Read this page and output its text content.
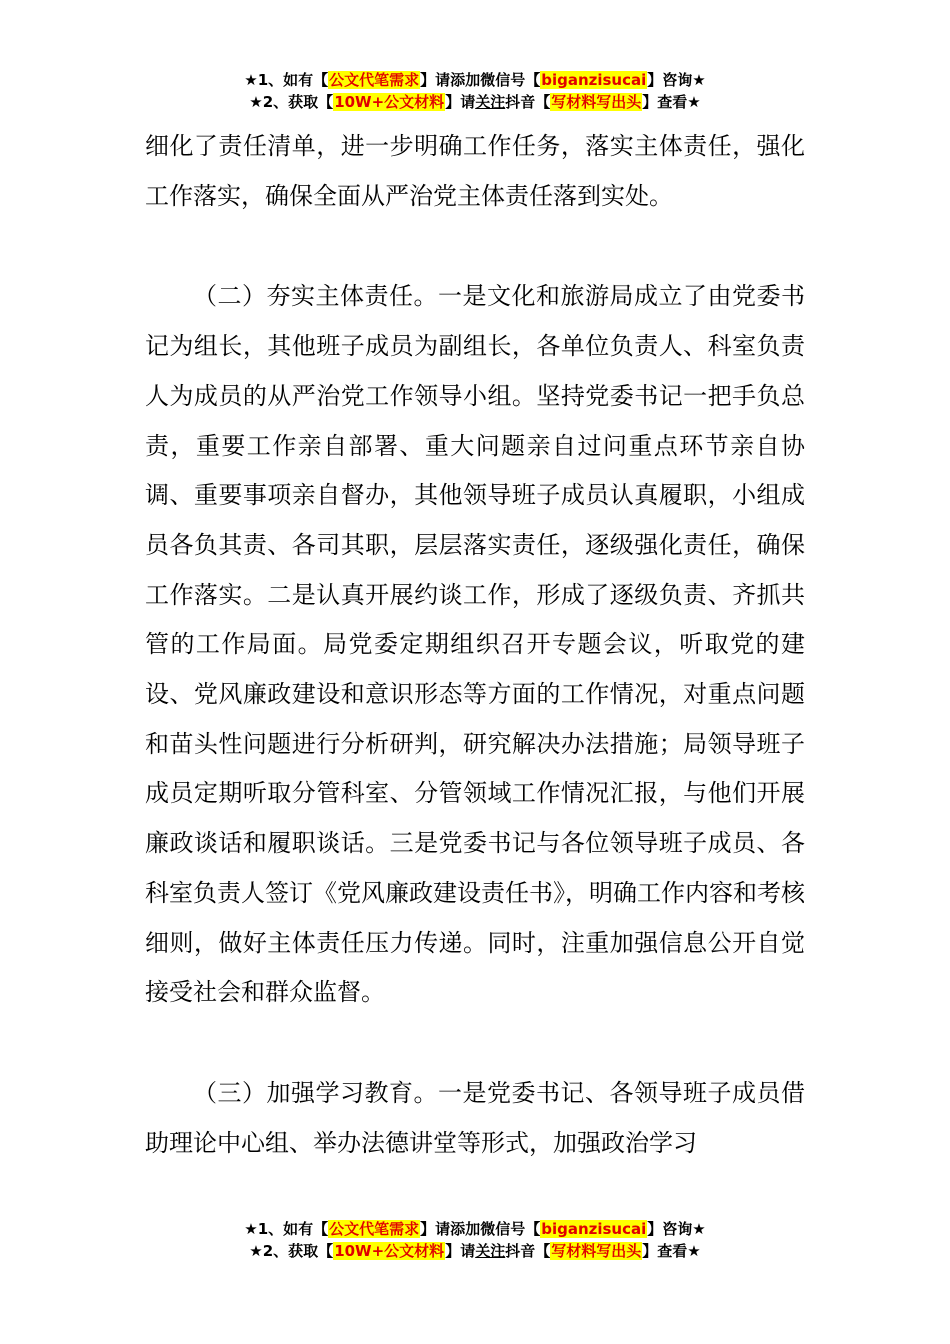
★1、如有【公文代笔需求】请添加微信号【biganzisucai】咨询★
★2、获取【10W+公文材料】请关注抖音【写材料写出头】查看★

细化了责任清单，进一步明确工作任务，落实主体责任，强化工作落实，确保全面从严治党主体责任落到实处。

（二）夯实主体责任。一是文化和旅游局成立了由党委书记为组长，其他班子成员为副组长，各单位负责人、科室负责人为成员的从严治党工作领导小组。坚持党委书记一把手负总责，重要工作亲自部署、重大问题亲自过问重点环节亲自协调、重要事项亲自督办，其他领导班子成员认真履职，小组成员各负其责、各司其职，层层落实责任，逐级强化责任，确保工作落实。二是认真开展约谈工作，形成了逐级负责、齐抓共管的工作局面。局党委定期组织召开专题会议，听取党的建设、党风廉政建设和意识形态等方面的工作情况，对重点问题和苗头性问题进行分析研判，研究解决办法措施；局领导班子成员定期听取分管科室、分管领域工作情况汇报，与他们开展廉政谈话和履职谈话。三是党委书记与各位领导班子成员、各科室负责人签订《党风廉政建设责任书》，明确工作内容和考核细则，做好主体责任压力传递。同时，注重加强信息公开自觉接受社会和群众监督。

（三）加强学习教育。一是党委书记、各领导班子成员借助理论中心组、举办法德讲堂等形式，加强政治学习

★1、如有【公文代笔需求】请添加微信号【biganzisucai】咨询★
★2、获取【10W+公文材料】请关注抖音【写材料写出头】查看★
